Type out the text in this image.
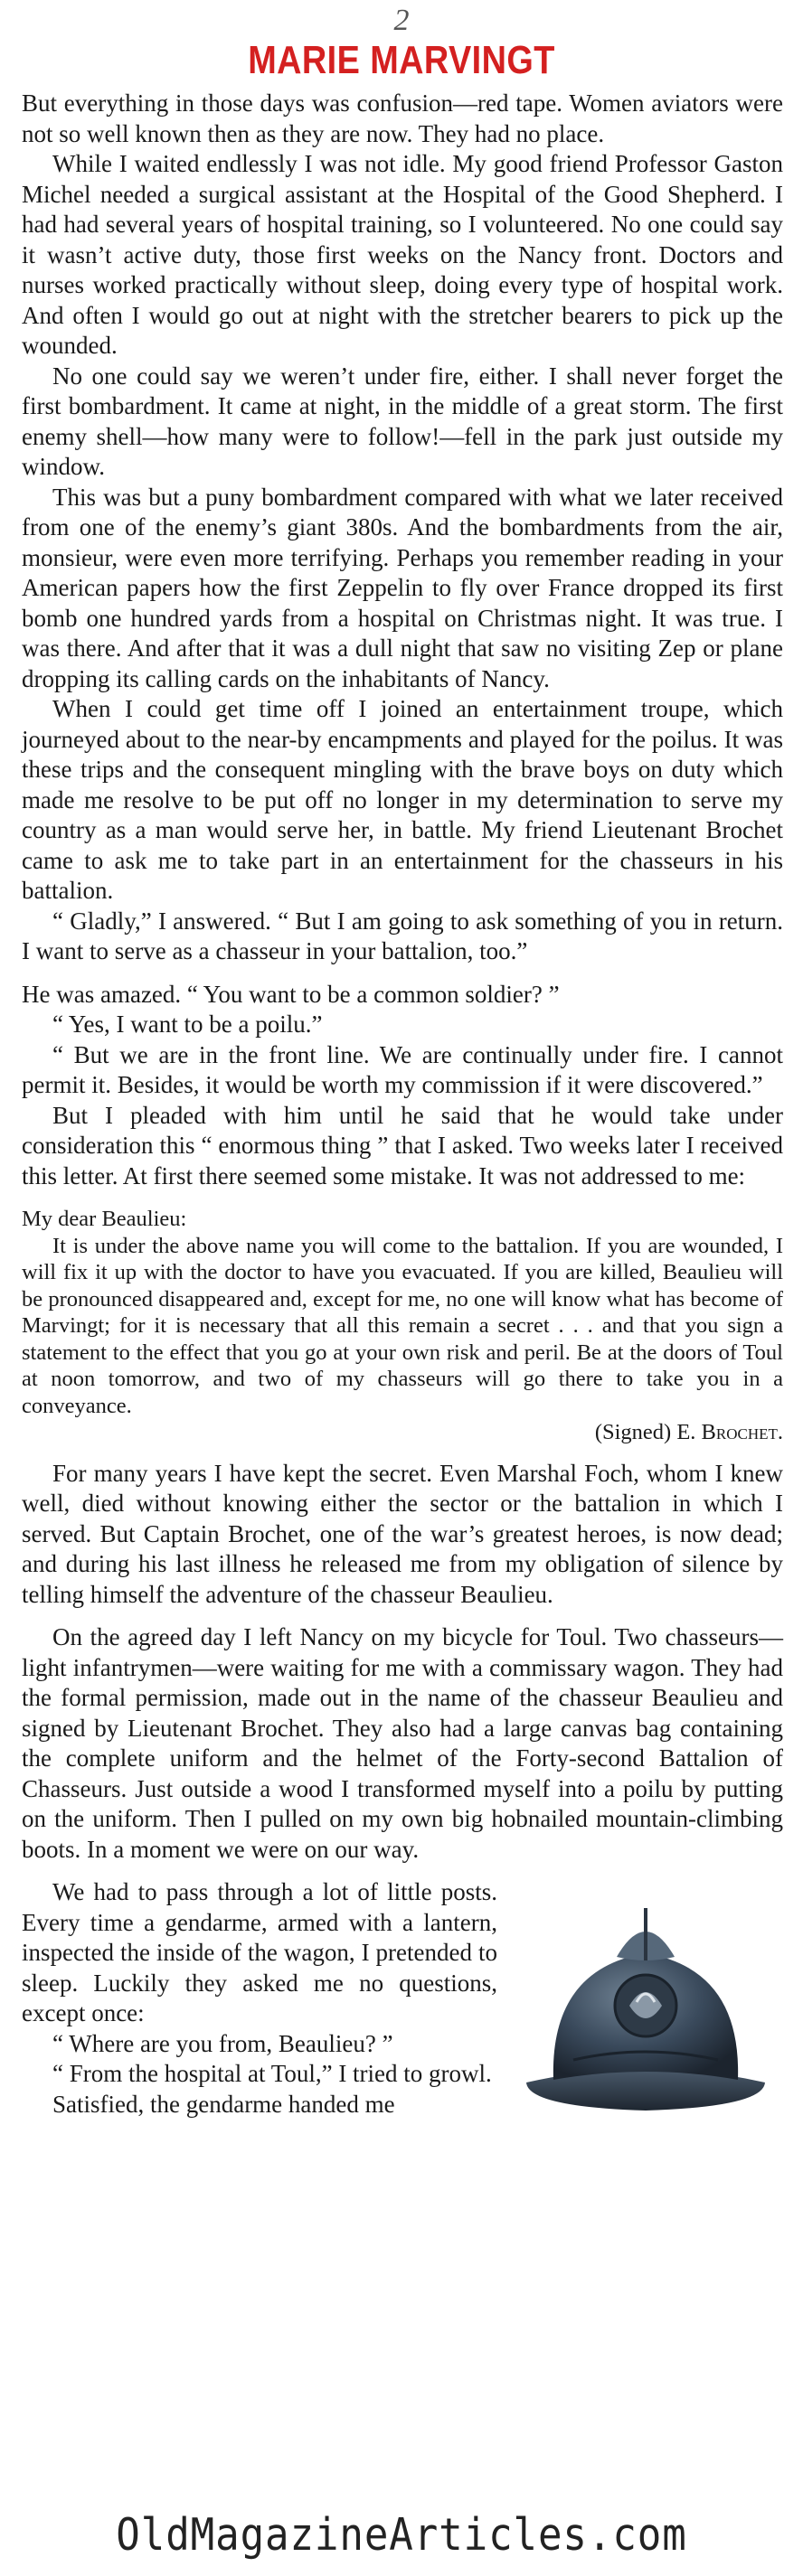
2
MARIE MARVINGT

But everything in those days was confusion—red tape. Women aviators were not so well known then as they are now. They had no place.

While I waited endlessly I was not idle. My good friend Professor Gaston Michel needed a surgical assistant at the Hospital of the Good Shepherd. I had had several years of hospital training, so I volunteered. No one could say it wasn’t active duty, those first weeks on the Nancy front. Doctors and nurses worked practically without sleep, doing every type of hospital work. And often I would go out at night with the stretcher bearers to pick up the wounded.

No one could say we weren’t under fire, either. I shall never forget the first bombardment. It came at night, in the middle of a great storm. The first enemy shell—how many were to follow!—fell in the park just outside my window.

This was but a puny bombardment compared with what we later received from one of the enemy’s giant 380s. And the bombardments from the air, monsieur, were even more terrifying. Perhaps you remember reading in your American papers how the first Zeppelin to fly over France dropped its first bomb one hundred yards from a hospital on Christmas night. It was true. I was there. And after that it was a dull night that saw no visiting Zep or plane dropping its calling cards on the inhabitants of Nancy.

When I could get time off I joined an entertainment troupe, which journeyed about to the near-by encampments and played for the poilus. It was these trips and the consequent mingling with the brave boys on duty which made me resolve to be put off no longer in my determination to serve my country as a man would serve her, in battle. My friend Lieutenant Brochet came to ask me to take part in an entertainment for the chasseurs in his battalion.

“ Gladly,” I answered. “ But I am going to ask something of you in return. I want to serve as a chasseur in your battalion, too.”

He was amazed. “ You want to be a common soldier? ”

“ Yes, I want to be a poilu.”

“ But we are in the front line. We are continually under fire. I cannot permit it. Besides, it would be worth my commission if it were discovered.”

But I pleaded with him until he said that he would take under consideration this “ enormous thing ” that I asked. Two weeks later I received this letter. At first there seemed some mistake. It was not addressed to me:

My dear Beaulieu:

It is under the above name you will come to the battalion. If you are wounded, I will fix it up with the doctor to have you evacuated. If you are killed, Beaulieu will be pronounced disappeared and, except for me, no one will know what has become of Marvingt; for it is necessary that all this remain a secret . . . and that you sign a statement to the effect that you go at your own risk and peril. Be at the doors of Toul at noon tomorrow, and two of my chasseurs will go there to take you in a conveyance.

(Signed) E. Brochet.

For many years I have kept the secret. Even Marshal Foch, whom I knew well, died without knowing either the sector or the battalion in which I served. But Captain Brochet, one of the war’s greatest heroes, is now dead; and during his last illness he released me from my obligation of silence by telling himself the adventure of the chasseur Beaulieu.

On the agreed day I left Nancy on my bicycle for Toul. Two chasseurs—light infantrymen—were waiting for me with a commissary wagon. They had the formal permission, made out in the name of the chasseur Beaulieu and signed by Lieutenant Brochet. They also had a large canvas bag containing the complete uniform and the helmet of the Forty-second Battalion of Chasseurs. Just outside a wood I transformed myself into a poilu by putting on the uniform. Then I pulled on my own big hobnailed mountain-climbing boots. In a moment we were on our way.

We had to pass through a lot of little posts. Every time a gendarme, armed with a lantern, inspected the inside of the wagon, I pretended to sleep. Luckily they asked me no questions, except once:

“ Where are you from, Beaulieu? ”

“ From the hospital at Toul,” I tried to growl.

Satisfied, the gendarme handed me

OldMagazineArticles.com
